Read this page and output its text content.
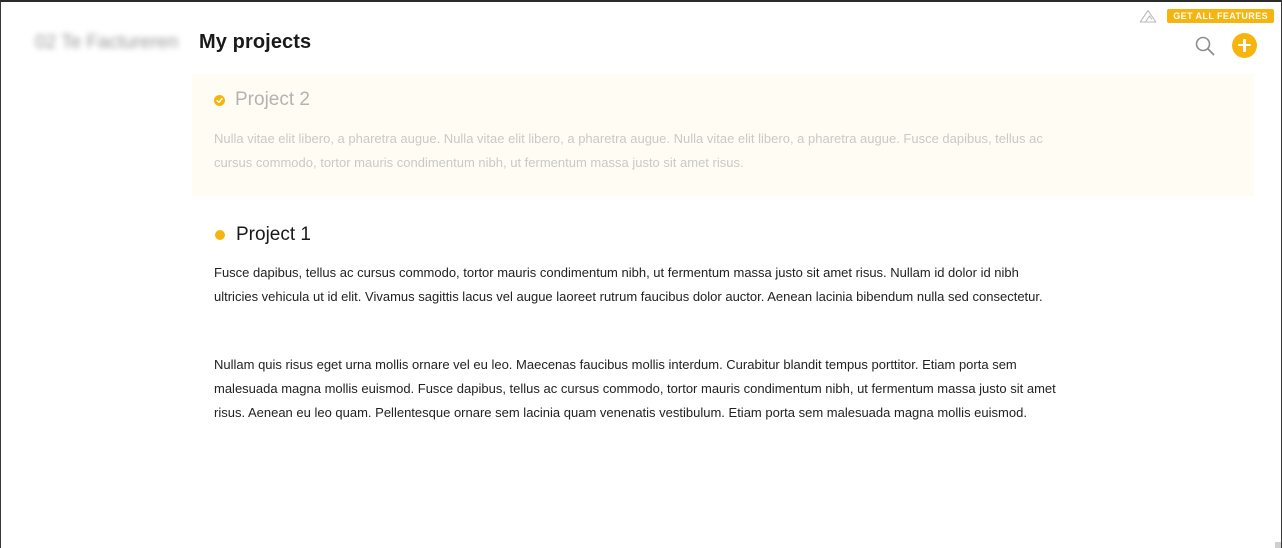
02 Te Factureren My projects
GET ALL FEATURES
Project 2

Nulla vitae elit libero, a pharetra augue. Nulla vitae elit libero, a pharetra augue. Nulla vitae elit libero, a pharetra augue. Fusce dapibus, tellus ac cursus commodo, tortor mauris condimentum nibh, ut fermentum massa justo sit amet risus.

Project 1

Fusce dapibus, tellus ac cursus commodo, tortor mauris condimentum nibh, ut fermentum massa justo sit amet risus. Nullam id dolor id nibh ultricies vehicula ut id elit. Vivamus sagittis lacus vel augue laoreet rutrum faucibus dolor auctor. Aenean lacinia bibendum nulla sed consectetur.

Nullam quis risus eget urna mollis ornare vel eu leo. Maecenas faucibus mollis interdum. Curabitur blandit tempus porttitor. Etiam porta sem malesuada magna mollis euismod. Fusce dapibus, tellus ac cursus commodo, tortor mauris condimentum nibh, ut fermentum massa justo sit amet risus. Aenean eu leo quam. Pellentesque ornare sem lacinia quam venenatis vestibulum. Etiam porta sem malesuada magna mollis euismod.
